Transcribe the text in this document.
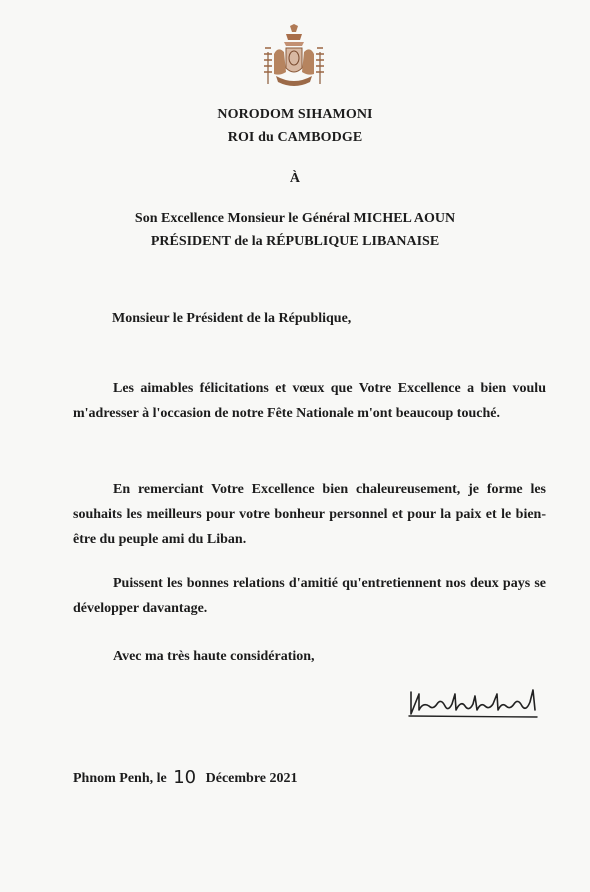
NORODOM SIHAMONI
ROI du CAMBODGE
À
Son Excellence Monsieur le Général MICHEL AOUN
PRÉSIDENT de la RÉPUBLIQUE LIBANAISE
Monsieur le Président de la République,
Les aimables félicitations et vœux que Votre Excellence a bien voulu m'adresser à l'occasion de notre Fête Nationale m'ont beaucoup touché.
En remerciant Votre Excellence bien chaleureusement, je forme les souhaits les meilleurs pour votre bonheur personnel et pour la paix et le bien-être du peuple ami du Liban.
Puissent les bonnes relations d'amitié qu'entretiennent nos deux pays se développer davantage.
Avec ma très haute considération,
Phnom Penh, le 10 Décembre 2021
